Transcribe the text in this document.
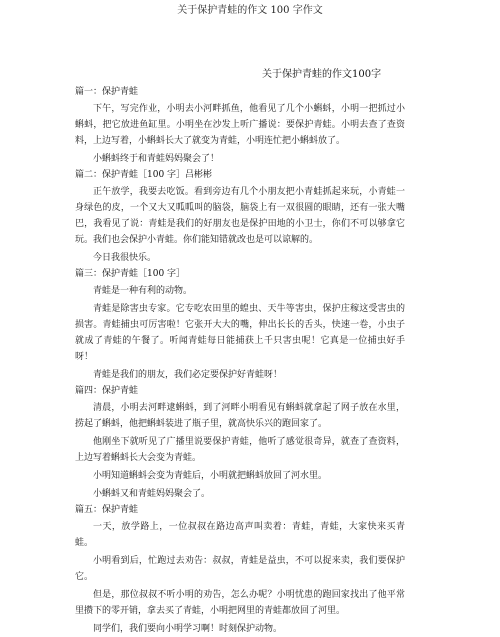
关于保护青蛙的作文 100 字作文
关于保护青蛙的作文100字

篇一：保护青蛙

下午，写完作业，小明去小河畔抓鱼，他看见了几个小蝌蚪，小明一把抓过小蝌蚪，把它放进鱼缸里。小明坐在沙发上听广播说：要保护青蛙。小明去查了查资料，上边写着，小蝌蚪长大了就变为青蛙，小明连忙把小蝌蚪放了。

小蝌蚪终于和青蛙妈妈聚会了！

篇二：保护青蛙［100 字］吕彬彬

正午放学，我要去吃饭。看到旁边有几个小朋友把小青蛙抓起来玩，小青蛙一身绿色的皮，一个又大又呱呱叫的脑袋，脑袋上有一双很圆的眼睛，还有一张大嘴巴，我看见了说：青蛙是我们的好朋友也是保护田地的小卫士，你们不可以够拿它玩。我们也会保护小青蛙。你们能知错就改也是可以谅解的。

今日我很快乐。

篇三：保护青蛙［100 字］

青蛙是一种有利的动物。

青蛙是除害虫专家。它专吃农田里的蝗虫、天牛等害虫，保护庄稼这受害虫的损害。青蛙捕虫可厉害啦！它张开大大的嘴，伸出长长的舌头，快速一卷，小虫子就成了青蛙的午餐了。听闻青蛙每日能捕获上千只害虫呢！它真是一位捕虫好手呀！

青蛙是我们的朋友，我们必定要保护好青蛙呀！

篇四：保护青蛙

清晨，小明去河畔逮蝌蚪，到了河畔小明看见有蝌蚪就拿起了网子放在水里，捞起了蝌蚪，他把蝌蚪装进了瓶子里，就高快乐兴的跑回家了。

他刚坐下就听见了广播里说要保护青蛙，他听了感觉很奇异，就查了查资料，上边写着蝌蚪长大会变为青蛙。

小明知道蝌蚪会变为青蛙后，小明就把蝌蚪放回了河水里。

小蝌蚪又和青蛙妈妈聚会了。

篇五：保护青蛙

一天，放学路上，一位叔叔在路边高声叫卖着：青蛙，青蛙，大家快来买青蛙。

小明看到后，忙跑过去劝告：叔叔，青蛙是益虫，不可以捉来卖，我们要保护它。

但是，那位叔叔不听小明的劝告，怎么办呢？小明忧患的跑回家找出了他平常里攒下的零开销，拿去买了青蛙，小明把网里的青蛙都放回了河里。

同学们，我们要向小明学习啊！时刻保护动物。
